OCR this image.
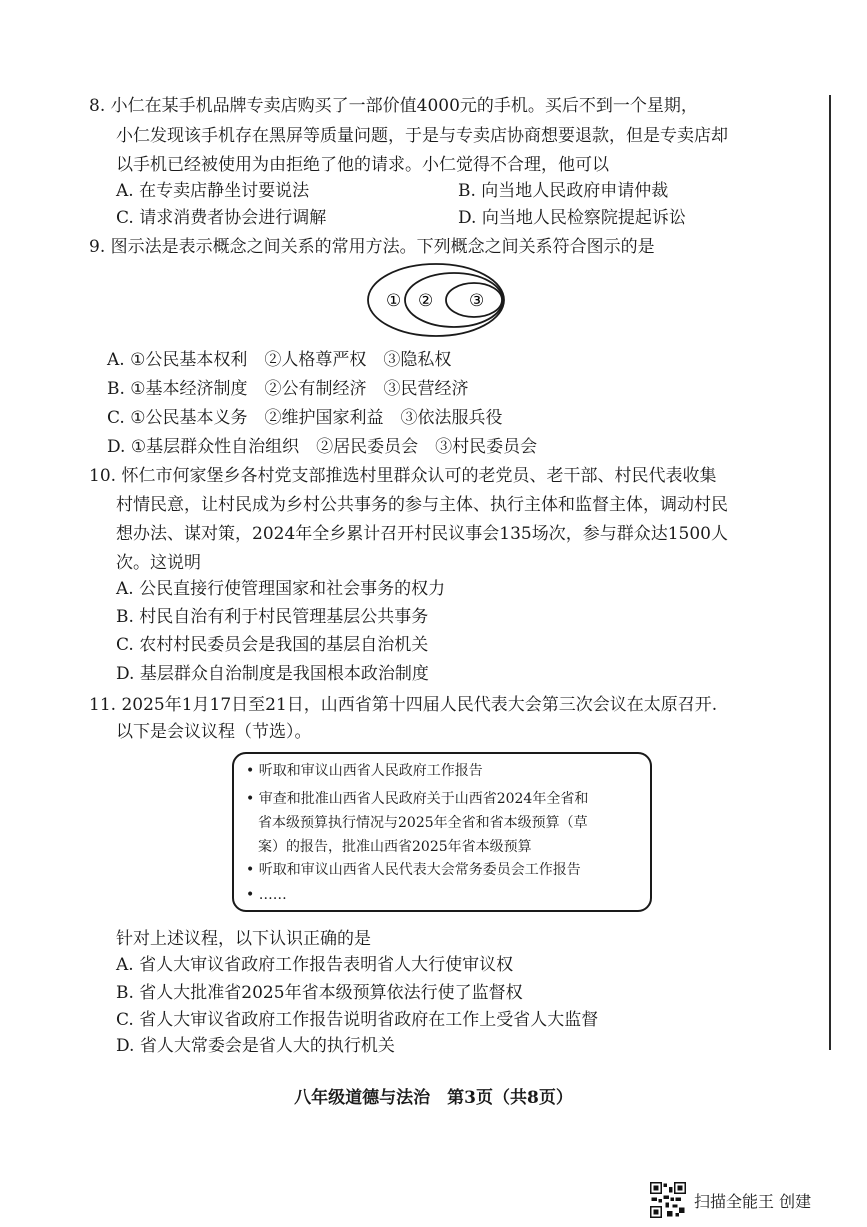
8. 小仁在某手机品牌专卖店购买了一部价值4000元的手机。买后不到一个星期，
小仁发现该手机存在黑屏等质量问题，于是与专卖店协商想要退款，但是专卖店却
以手机已经被使用为由拒绝了他的请求。小仁觉得不合理，他可以
A. 在专卖店静坐讨要说法	B. 向当地人民政府申请仲裁
C. 请求消费者协会进行调解	D. 向当地人民检察院提起诉讼
9. 图示法是表示概念之间关系的常用方法。下列概念之间关系符合图示的是
① ② ③
A. ①公民基本权利　②人格尊严权　③隐私权
B. ①基本经济制度　②公有制经济　③民营经济
C. ①公民基本义务　②维护国家利益　③依法服兵役
D. ①基层群众性自治组织　②居民委员会　③村民委员会
10. 怀仁市何家堡乡各村党支部推选村里群众认可的老党员、老干部、村民代表收集
村情民意，让村民成为乡村公共事务的参与主体、执行主体和监督主体，调动村民
想办法、谋对策，2024年全乡累计召开村民议事会135场次，参与群众达1500人
次。这说明
A. 公民直接行使管理国家和社会事务的权力
B. 村民自治有利于村民管理基层公共事务
C. 农村村民委员会是我国的基层自治机关
D. 基层群众自治制度是我国根本政治制度
11. 2025年1月17日至21日，山西省第十四届人民代表大会第三次会议在太原召开.
以下是会议议程（节选）。
• 听取和审议山西省人民政府工作报告
• 审查和批准山西省人民政府关于山西省2024年全省和
省本级预算执行情况与2025年全省和省本级预算（草
案）的报告，批准山西省2025年省本级预算
• 听取和审议山西省人民代表大会常务委员会工作报告
• ……
针对上述议程，以下认识正确的是
A. 省人大审议省政府工作报告表明省人大行使审议权
B. 省人大批准省2025年省本级预算依法行使了监督权
C. 省人大审议省政府工作报告说明省政府在工作上受省人大监督
D. 省人大常委会是省人大的执行机关
八年级道德与法治　第3页（共8页）
扫描全能王 创建
